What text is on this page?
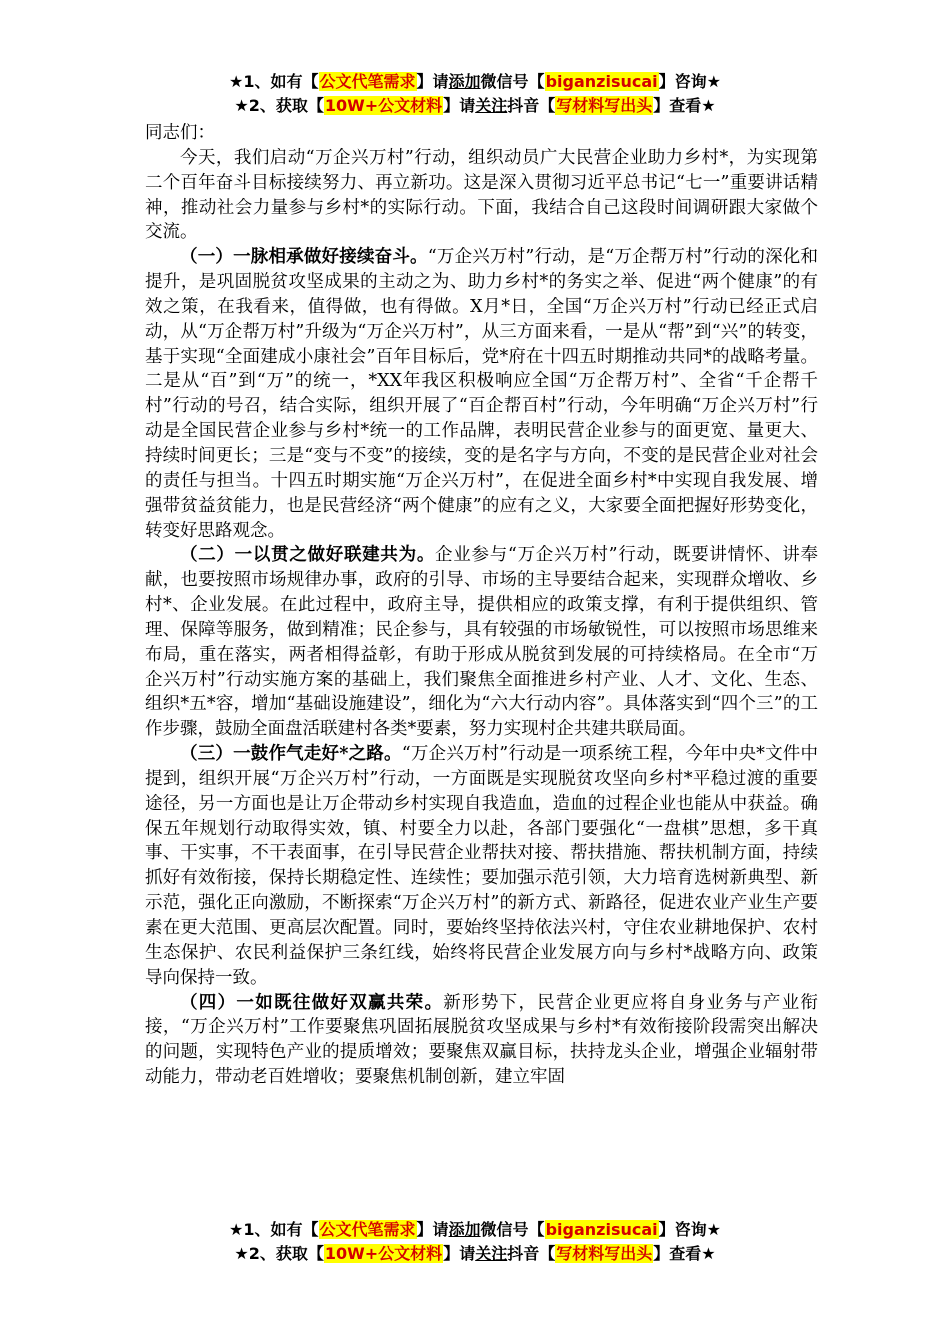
★1、如有【公文代笔需求】请添加微信号【biganzisucai】咨询★
★2、获取【10W+公文材料】请关注抖音【写材料写出头】查看★

同志们：

今天，我们启动“万企兴万村”行动，组织动员广大民营企业助力乡村*，为实现第二个百年奋斗目标接续努力、再立新功。这是深入贯彻习近平总书记“七一”重要讲话精神，推动社会力量参与乡村*的实际行动。下面，我结合自己这段时间调研跟大家做个交流。

（一）一脉相承做好接续奋斗。“万企兴万村”行动，是“万企帮万村”行动的深化和提升，是巩固脱贫攻坚成果的主动之为、助力乡村*的务实之举、促进“两个健康”的有效之策，在我看来，值得做，也有得做。X月*日，全国“万企兴万村”行动已经正式启动，从“万企帮万村”升级为“万企兴万村”，从三方面来看，一是从“帮”到“兴”的转变，基于实现“全面建成小康社会”百年目标后，党*府在十四五时期推动共同*的战略考量。二是从“百”到“万”的统一，*XX年我区积极响应全国“万企帮万村”、全省“千企帮千村”行动的号召，结合实际，组织开展了“百企帮百村”行动，今年明确“万企兴万村”行动是全国民营企业参与乡村*统一的工作品牌，表明民营企业参与的面更宽、量更大、持续时间更长；三是“变与不变”的接续，变的是名字与方向，不变的是民营企业对社会的责任与担当。十四五时期实施“万企兴万村”，在促进全面乡村*中实现自我发展、增强带贫益贫能力，也是民营经济“两个健康”的应有之义，大家要全面把握好形势变化，转变好思路观念。

（二）一以贯之做好联建共为。企业参与“万企兴万村”行动，既要讲情怀、讲奉献，也要按照市场规律办事，政府的引导、市场的主导要结合起来，实现群众增收、乡村*、企业发展。在此过程中，政府主导，提供相应的政策支撑，有利于提供组织、管理、保障等服务，做到精准；民企参与，具有较强的市场敏锐性，可以按照市场思维来布局，重在落实，两者相得益彰，有助于形成从脱贫到发展的可持续格局。在全市“万企兴万村”行动实施方案的基础上，我们聚焦全面推进乡村产业、人才、文化、生态、组织*五*容，增加“基础设施建设”，细化为“六大行动内容”。具体落实到“四个三”的工作步骤，鼓励全面盘活联建村各类*要素，努力实现村企共建共联局面。

（三）一鼓作气走好*之路。“万企兴万村”行动是一项系统工程，今年中央*文件中提到，组织开展“万企兴万村”行动，一方面既是实现脱贫攻坚向乡村*平稳过渡的重要途径，另一方面也是让万企带动乡村实现自我造血，造血的过程企业也能从中获益。确保五年规划行动取得实效，镇、村要全力以赴，各部门要强化“一盘棋”思想，多干真事、干实事，不干表面事，在引导民营企业帮扶对接、帮扶措施、帮扶机制方面，持续抓好有效衔接，保持长期稳定性、连续性；要加强示范引领，大力培育选树新典型、新示范，强化正向激励，不断探索“万企兴万村”的新方式、新路径，促进农业产业生产要素在更大范围、更高层次配置。同时，要始终坚持依法兴村，守住农业耕地保护、农村生态保护、农民利益保护三条红线，始终将民营企业发展方向与乡村*战略方向、政策导向保持一致。

（四）一如既往做好双赢共荣。新形势下，民营企业更应将自身业务与产业衔接，“万企兴万村”工作要聚焦巩固拓展脱贫攻坚成果与乡村*有效衔接阶段需突出解决的问题，实现特色产业的提质增效；要聚焦双赢目标，扶持龙头企业，增强企业辐射带动能力，带动老百姓增收；要聚焦机制创新，建立牢固

★1、如有【公文代笔需求】请添加微信号【biganzisucai】咨询★
★2、获取【10W+公文材料】请关注抖音【写材料写出头】查看★
